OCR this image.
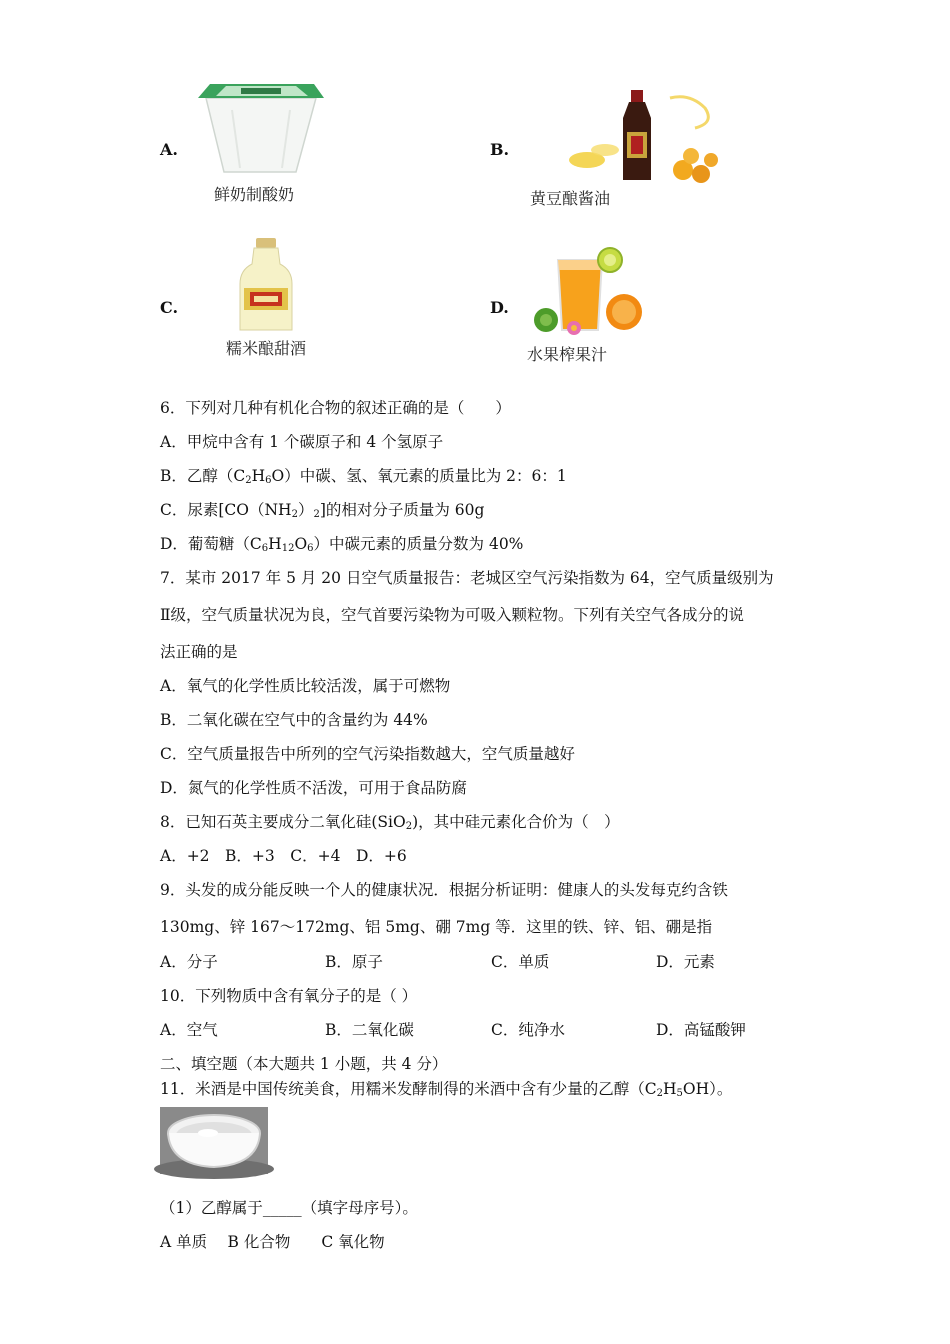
A.
鲜奶制酸奶
B.
黄豆酿酱油
C.
糯米酿甜酒
D.
水果榨果汁
6．下列对几种有机化合物的叙述正确的是（　　）
A．甲烷中含有 1 个碳原子和 4 个氢原子
B．乙醇$(C_2H_6O)$中碳、氢、氧元素的质量比为 2：6：1
C．尿素$[CO(NH_2)_2]$的相对分子质量为 60g
D．葡萄糖$(C_6H_{12}O_6)$中碳元素的质量分数为 40%
7．某市 2017 年 5 月 20 日空气质量报告：老城区空气污染指数为 64，空气质量级别为
Ⅱ级，空气质量状况为良，空气首要污染物为可吸入颗粒物。下列有关空气各成分的说
法正确的是
A．氧气的化学性质比较活泼，属于可燃物
B．二氧化碳在空气中的含量约为 44%
C．空气质量报告中所列的空气污染指数越大，空气质量越好
D．氮气的化学性质不活泼，可用于食品防腐
8．已知石英主要成分二氧化硅(SiO$_2$)，其中硅元素化合价为（　）
A．+2　B．+3　C．+4　D．+6
9．头发的成分能反映一个人的健康状况．根据分析证明：健康人的头发每克约含铁
130mg、锌 167～172mg、铝 5mg、硼 7mg 等．这里的铁、锌、铝、硼是指
A．分子	B．原子	C．单质	D．元素
10．下列物质中含有氧分子的是（ ）
A．空气	B．二氧化碳	C．纯净水	D．高锰酸钾
二、填空题（本大题共 1 小题，共 4 分）
11．米酒是中国传统美食，用糯米发酵制得的米酒中含有少量的乙醇$(C_2H_5OH)$。
（1）乙醇属于_____（填字母序号）。
A 单质　 B 化合物　　C 氧化物
